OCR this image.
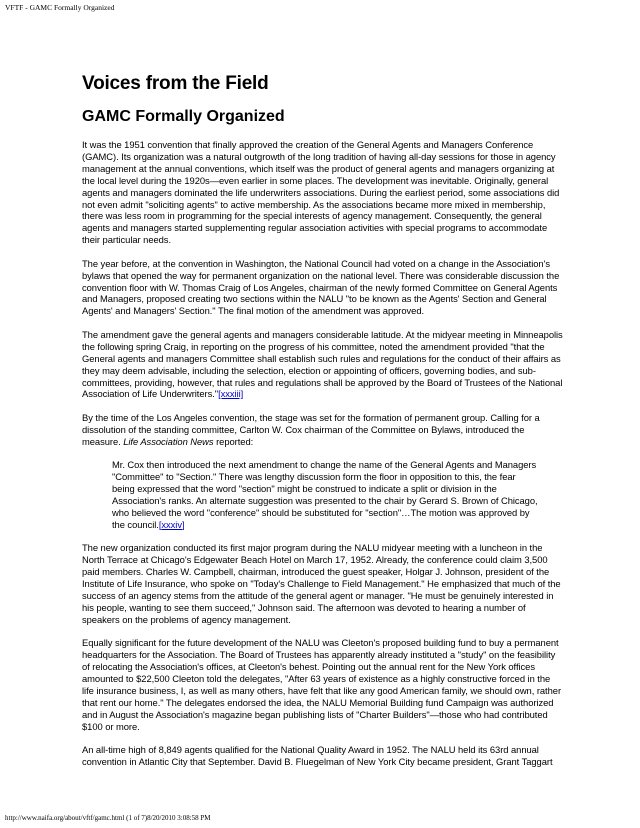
VFTF - GAMC Formally Organized
Voices from the Field
GAMC Formally Organized

It was the 1951 convention that finally approved the creation of the General Agents and Managers Conference (GAMC). Its organization was a natural outgrowth of the long tradition of having all-day sessions for those in agency management at the annual conventions, which itself was the product of general agents and managers organizing at the local level during the 1920s—even earlier in some places. The development was inevitable. Originally, general agents and managers dominated the life underwriters associations. During the earliest period, some associations did not even admit "soliciting agents" to active membership. As the associations became more mixed in membership, there was less room in programming for the special interests of agency management. Consequently, the general agents and managers started supplementing regular association activities with special programs to accommodate their particular needs.

The year before, at the convention in Washington, the National Council had voted on a change in the Association's bylaws that opened the way for permanent organization on the national level. There was considerable discussion the convention floor with W. Thomas Craig of Los Angeles, chairman of the newly formed Committee on General Agents and Managers, proposed creating two sections within the NALU "to be known as the Agents' Section and General Agents' and Managers' Section." The final motion of the amendment was approved.

The amendment gave the general agents and managers considerable latitude. At the midyear meeting in Minneapolis the following spring Craig, in reporting on the progress of his committee, noted the amendment provided "that the General agents and managers Committee shall establish such rules and regulations for the conduct of their affairs as they may deem advisable, including the selection, election or appointing of officers, governing bodies, and sub-committees, providing, however, that rules and regulations shall be approved by the Board of Trustees of the National Association of Life Underwriters."[xxxiii]

By the time of the Los Angeles convention, the stage was set for the formation of permanent group. Calling for a dissolution of the standing committee, Carlton W. Cox chairman of the Committee on Bylaws, introduced the measure. Life Association News reported:

Mr. Cox then introduced the next amendment to change the name of the General Agents and Managers "Committee" to "Section." There was lengthy discussion form the floor in opposition to this, the fear being expressed that the word "section" might be construed to indicate a split or division in the Association's ranks. An alternate suggestion was presented to the chair by Gerard S. Brown of Chicago, who believed the word "conference" should be substituted for "section"…The motion was approved by the council.[xxxiv]

The new organization conducted its first major program during the NALU midyear meeting with a luncheon in the North Terrace at Chicago's Edgewater Beach Hotel on March 17, 1952. Already, the conference could claim 3,500 paid members. Charles W. Campbell, chairman, introduced the guest speaker, Holgar J. Johnson, president of the Institute of Life Insurance, who spoke on "Today's Challenge to Field Management." He emphasized that much of the success of an agency stems from the attitude of the general agent or manager. "He must be genuinely interested in his people, wanting to see them succeed," Johnson said. The afternoon was devoted to hearing a number of speakers on the problems of agency management.

Equally significant for the future development of the NALU was Cleeton's proposed building fund to buy a permanent headquarters for the Association. The Board of Trustees has apparently already instituted a "study" on the feasibility of relocating the Association's offices, at Cleeton's behest. Pointing out the annual rent for the New York offices amounted to $22,500 Cleeton told the delegates, "After 63 years of existence as a highly constructive forced in the life insurance business, I, as well as many others, have felt that like any good American family, we should own, rather that rent our home." The delegates endorsed the idea, the NALU Memorial Building fund Campaign was authorized and in August the Association's magazine began publishing lists of "Charter Builders"—those who had contributed $100 or more.

An all-time high of 8,849 agents qualified for the National Quality Award in 1952. The NALU held its 63rd annual convention in Atlantic City that September. David B. Fluegelman of New York City became president, Grant Taggart

http://www.naifa.org/about/vftf/gamc.html (1 of 7)8/20/2010 3:08:58 PM
